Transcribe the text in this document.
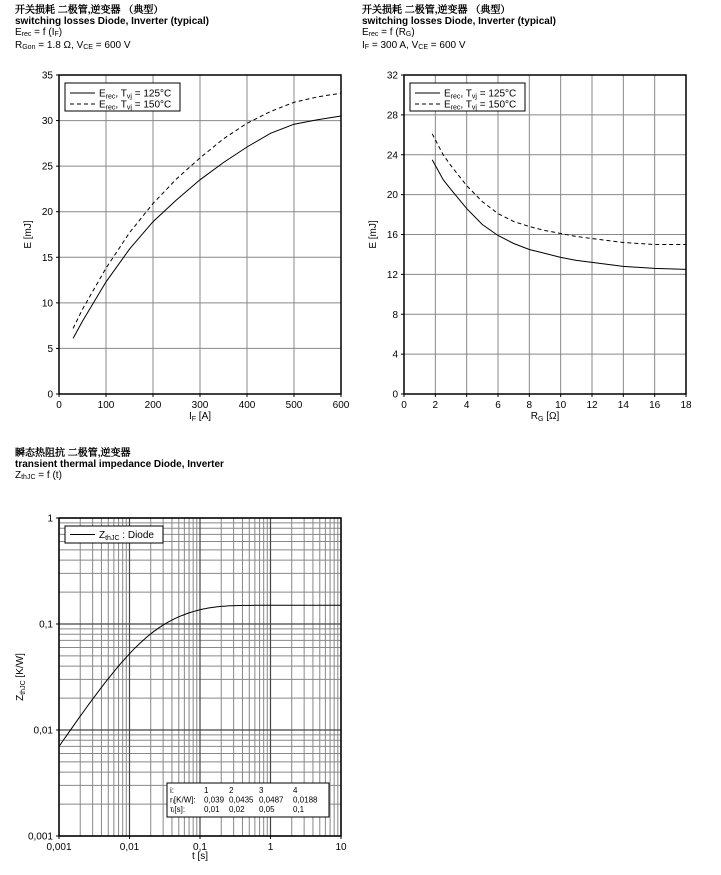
开关损耗 二极管,逆变器 （典型）
switching losses Diode, Inverter (typical)
Erec = f (IF)
RGon = 1.8 Ω, VCE = 600 V
开关损耗 二极管,逆变器 （典型）
switching losses Diode, Inverter (typical)
Erec = f (RG)
IF = 300 A, VCE = 600 V
瞬态热阻抗 二极管,逆变器
transient thermal impedance Diode, Inverter
ZthJC = f (t)
0	100	200	300	400	500	600
0
5
10
15
20
25
30
35
$E_{rec}$, $T_{vj} = 125^\circ C$
$E_{rec}$, $T_{vj} = 150^\circ C$
$I_F$ [A]
E [mJ]
0	2	4	6	8 10 12 14 16 18
0
4
8
12
16
20
24
28
32
$E_{rec}$, $T_{vj} = 125^\circ C$
$E_{rec}$, $T_{vj} = 150^\circ C$
$R_G$ [Ω]
E [mJ]
0,001	0,01	0,1	1	10
0,001
0,01
0,1
1
$Z_{thJC}$ : Diode
i:	1	2	3	4
rᵢ[K/W]: 0,039 0,0435 0,0487 0,0188
τᵢ[s]: 0,01 0,02 0,05 0,1
t [s]
$Z_{thJC}$ [K/W]
